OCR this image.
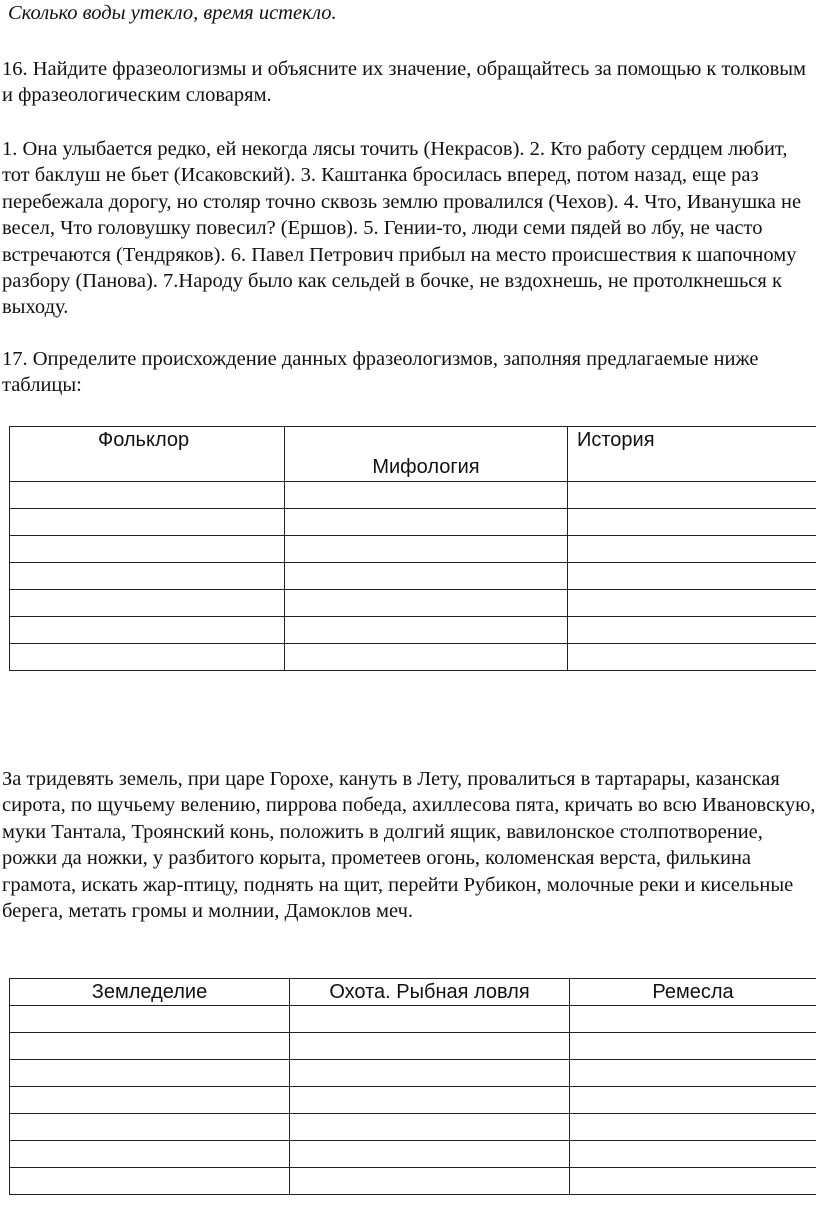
Сколько воды утекло, время истекло.

16. Найдите фразеологизмы и объясните их значение, обращайтесь за помощью к толковым и фразеологическим словарям.

1. Она улыбается редко, ей некогда лясы точить (Некрасов). 2. Кто работу сердцем любит, тот баклуш не бьет (Исаковский). 3. Каштанка бросилась вперед, потом назад, еще раз перебежала дорогу, но столяр точно сквозь землю провалился (Чехов). 4. Что, Иванушка не весел, Что головушку повесил? (Ершов). 5. Гении-то, люди семи пядей во лбу, не часто встречаются (Тендряков). 6. Павел Петрович прибыл на место происшествия к шапочному разбору (Панова). 7.Народу было как сельдей в бочке, не вздохнешь, не протолкнешься к выходу.

17. Определите происхождение данных фразеологизмов, заполняя предлагаемые ниже таблицы:

Фольклор	Мифология	История

За тридевять земель, при царе Горохе, кануть в Лету, провалиться в тартарары, казанская сирота, по щучьему велению, пиррова победа, ахиллесова пята, кричать во всю Ивановскую, муки Тантала, Троянский конь, положить в долгий ящик, вавилонское столпотворение, рожки да ножки, у разбитого корыта, прометеев огонь, коломенская верста, филькина грамота, искать жар-птицу, поднять на щит, перейти Рубикон, молочные реки и кисельные берега, метать громы и молнии, Дамоклов меч.

Земледелие	Охота. Рыбная ловля	Ремесла
